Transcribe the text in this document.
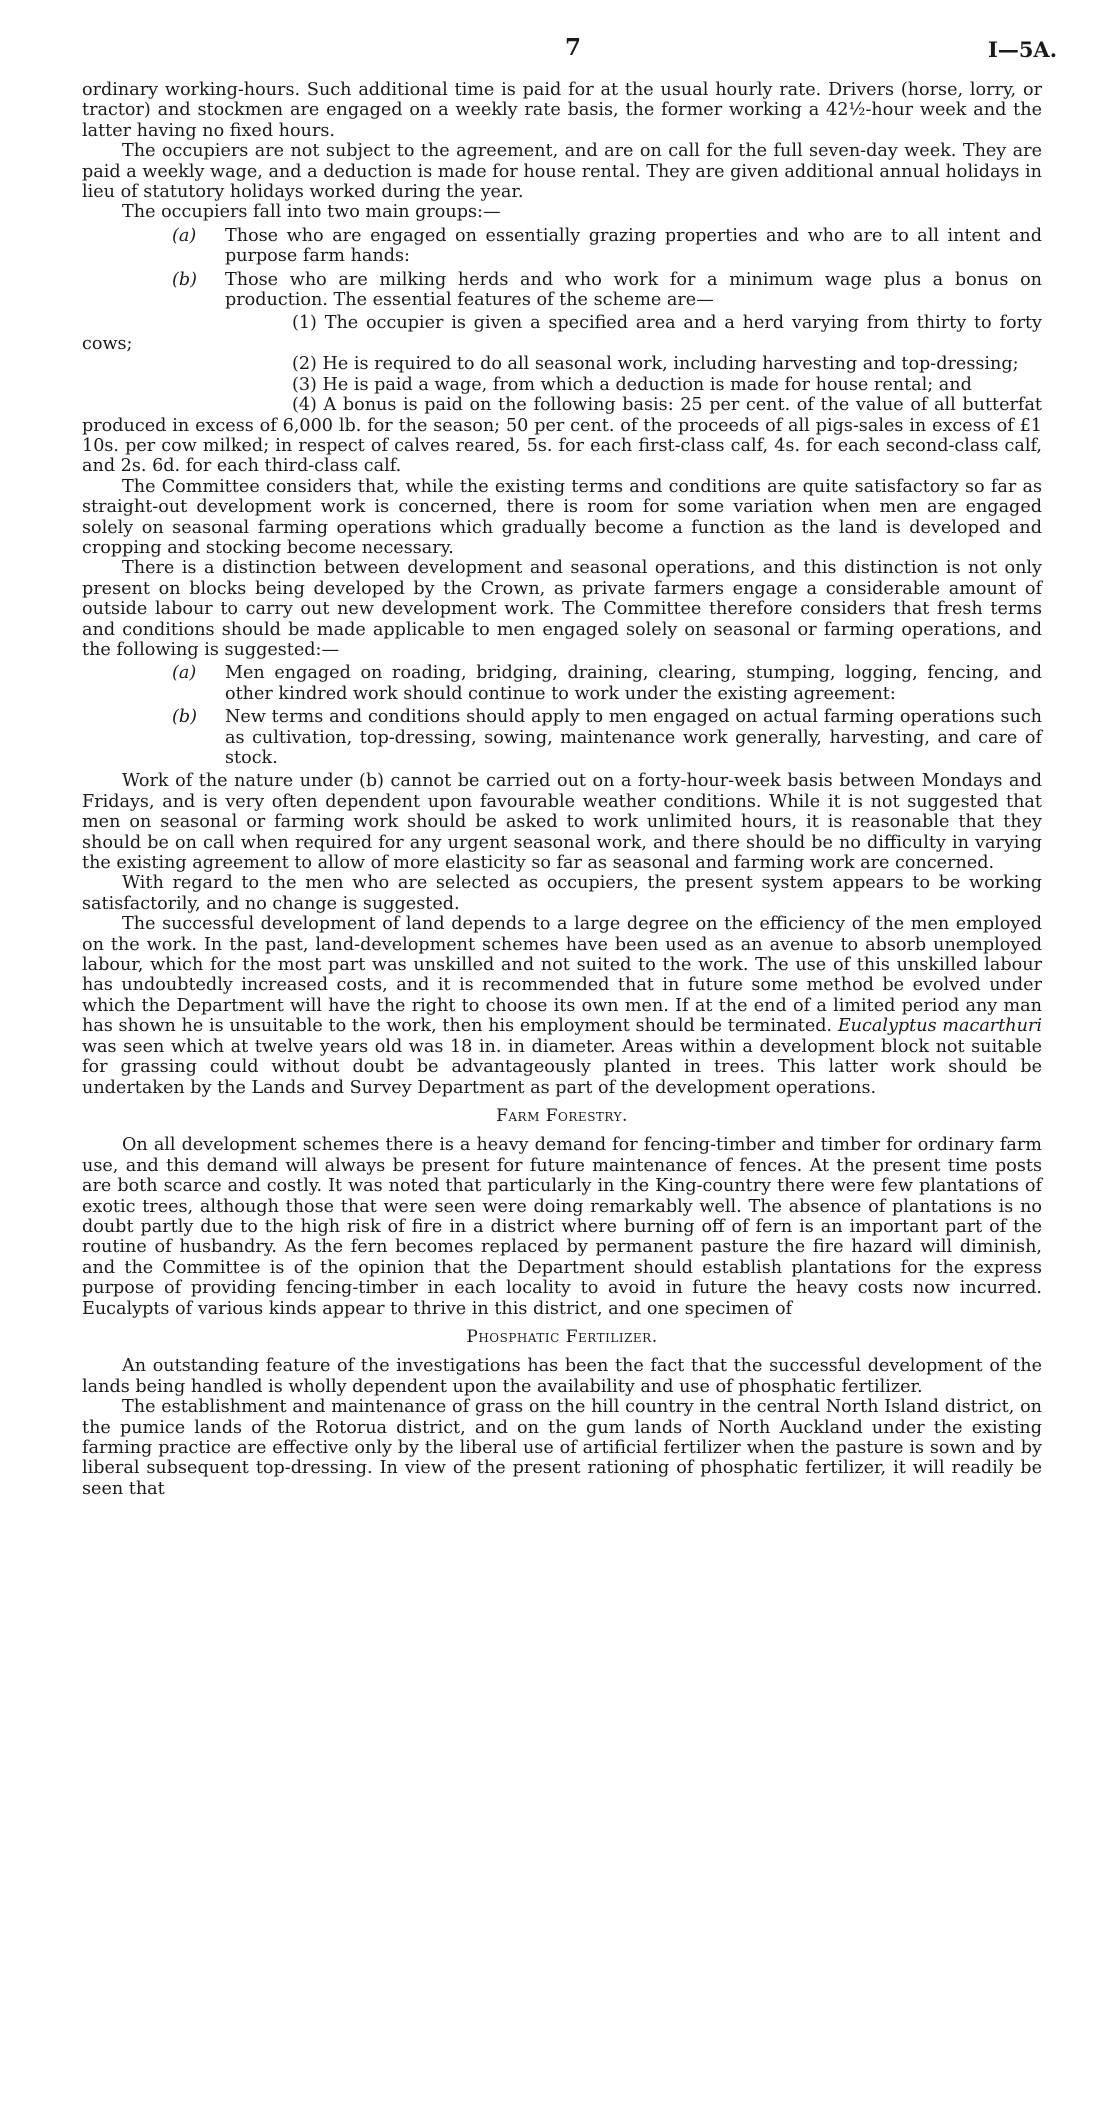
7	I—5A.

ordinary working-hours. Such additional time is paid for at the usual hourly rate. Drivers (horse, lorry, or tractor) and stockmen are engaged on a weekly rate basis, the former working a 42½-hour week and the latter having no fixed hours.

The occupiers are not subject to the agreement, and are on call for the full seven-day week. They are paid a weekly wage, and a deduction is made for house rental. They are given additional annual holidays in lieu of statutory holidays worked during the year.

The occupiers fall into two main groups:—

(a) Those who are engaged on essentially grazing properties and who are to all intent and purpose farm hands:

(b) Those who are milking herds and who work for a minimum wage plus a bonus on production. The essential features of the scheme are—

(1) The occupier is given a specified area and a herd varying from thirty to forty cows;

(2) He is required to do all seasonal work, including harvesting and top-dressing;

(3) He is paid a wage, from which a deduction is made for house rental; and

(4) A bonus is paid on the following basis: 25 per cent. of the value of all butterfat produced in excess of 6,000 lb. for the season; 50 per cent. of the proceeds of all pigs-sales in excess of £1 10s. per cow milked; in respect of calves reared, 5s. for each first-class calf, 4s. for each second-class calf, and 2s. 6d. for each third-class calf.

The Committee considers that, while the existing terms and conditions are quite satisfactory so far as straight-out development work is concerned, there is room for some variation when men are engaged solely on seasonal farming operations which gradually become a function as the land is developed and cropping and stocking become necessary.

There is a distinction between development and seasonal operations, and this distinction is not only present on blocks being developed by the Crown, as private farmers engage a considerable amount of outside labour to carry out new development work. The Committee therefore considers that fresh terms and conditions should be made applicable to men engaged solely on seasonal or farming operations, and the following is suggested:—

(a) Men engaged on roading, bridging, draining, clearing, stumping, logging, fencing, and other kindred work should continue to work under the existing agreement:

(b) New terms and conditions should apply to men engaged on actual farming operations such as cultivation, top-dressing, sowing, maintenance work generally, harvesting, and care of stock.

Work of the nature under (b) cannot be carried out on a forty-hour-week basis between Mondays and Fridays, and is very often dependent upon favourable weather conditions. While it is not suggested that men on seasonal or farming work should be asked to work unlimited hours, it is reasonable that they should be on call when required for any urgent seasonal work, and there should be no difficulty in varying the existing agreement to allow of more elasticity so far as seasonal and farming work are concerned.

With regard to the men who are selected as occupiers, the present system appears to be working satisfactorily, and no change is suggested.

The successful development of land depends to a large degree on the efficiency of the men employed on the work. In the past, land-development schemes have been used as an avenue to absorb unemployed labour, which for the most part was unskilled and not suited to the work. The use of this unskilled labour has undoubtedly increased costs, and it is recommended that in future some method be evolved under which the Department will have the right to choose its own men. If at the end of a limited period any man has shown he is unsuitable to the work, then his employment should be terminated. Eucalyptus macarthuri was seen which at twelve years old was 18 in. in diameter. Areas within a development block not suitable for grassing could without doubt be advantageously planted in trees. This latter work should be undertaken by the Lands and Survey Department as part of the development operations.

Farm Forestry.

On all development schemes there is a heavy demand for fencing-timber and timber for ordinary farm use, and this demand will always be present for future maintenance of fences. At the present time posts are both scarce and costly. It was noted that particularly in the King-country there were few plantations of exotic trees, although those that were seen were doing remarkably well. The absence of plantations is no doubt partly due to the high risk of fire in a district where burning off of fern is an important part of the routine of husbandry. As the fern becomes replaced by permanent pasture the fire hazard will diminish, and the Committee is of the opinion that the Department should establish plantations for the express purpose of providing fencing-timber in each locality to avoid in future the heavy costs now incurred. Eucalypts of various kinds appear to thrive in this district, and one specimen of

Phosphatic Fertilizer.

An outstanding feature of the investigations has been the fact that the successful development of the lands being handled is wholly dependent upon the availability and use of phosphatic fertilizer.

The establishment and maintenance of grass on the hill country in the central North Island district, on the pumice lands of the Rotorua district, and on the gum lands of North Auckland under the existing farming practice are effective only by the liberal use of artificial fertilizer when the pasture is sown and by liberal subsequent top-dressing. In view of the present rationing of phosphatic fertilizer, it will readily be seen that
